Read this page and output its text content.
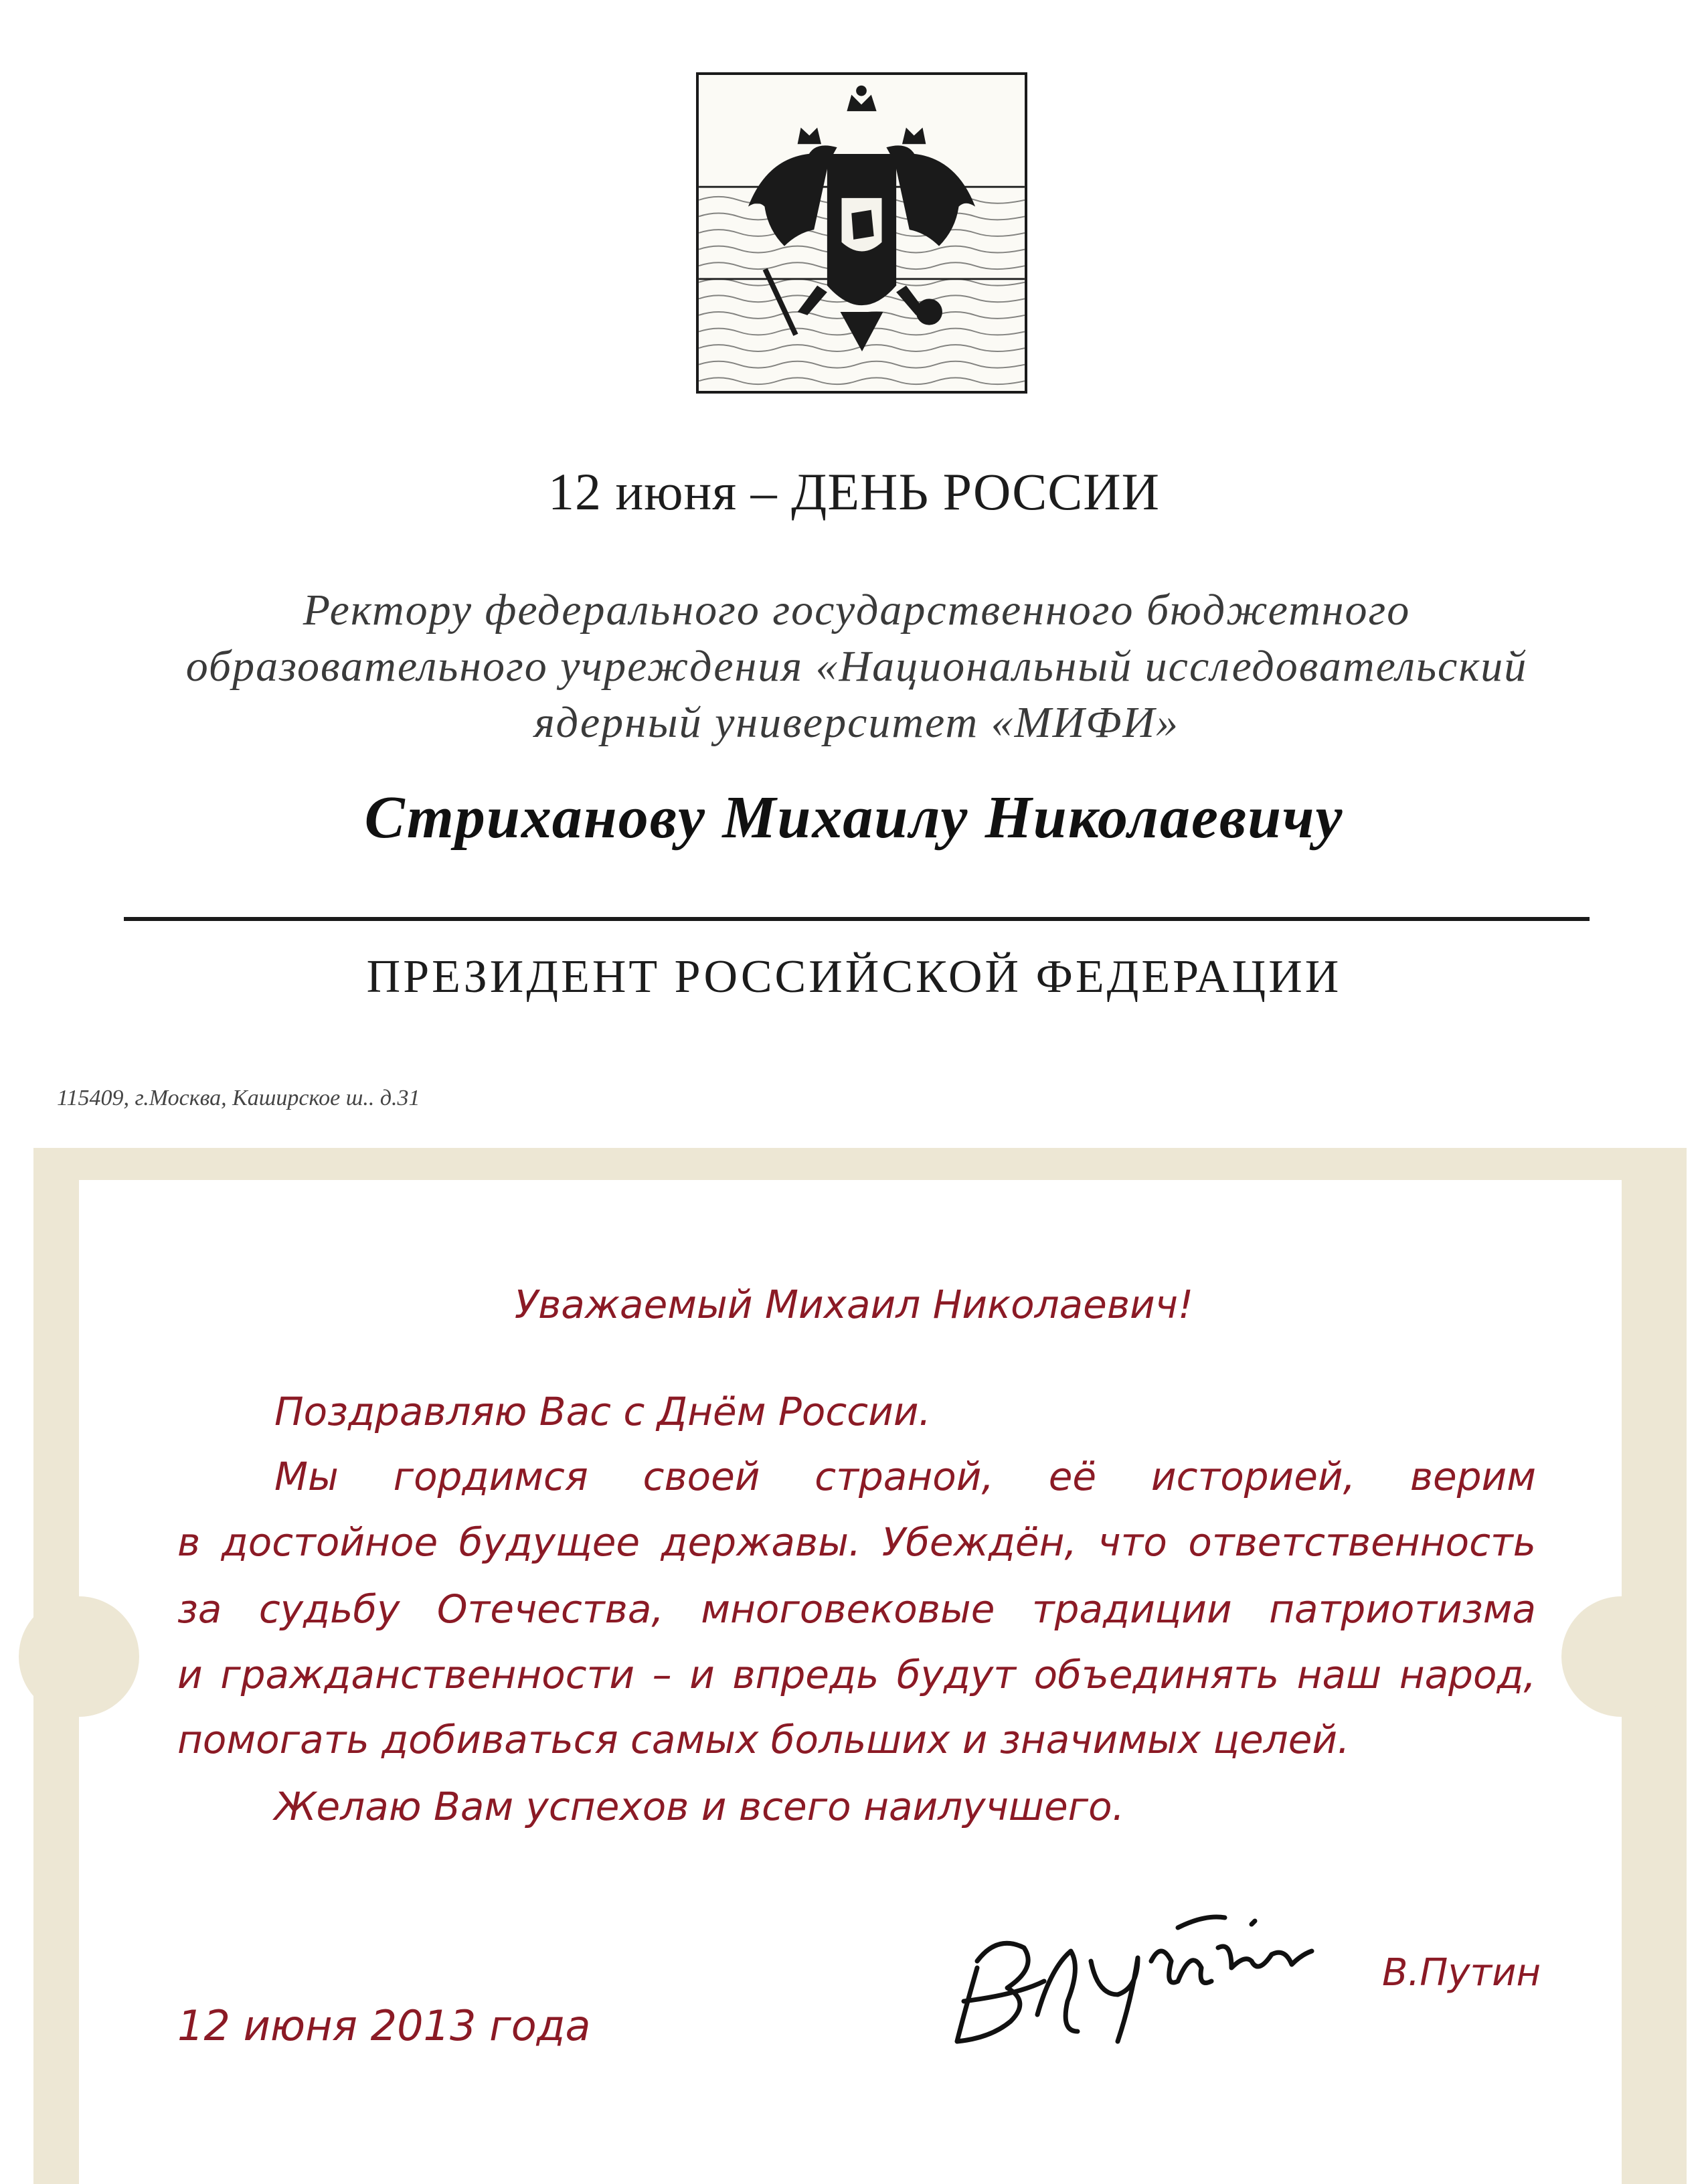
12 июня – ДЕНЬ РОССИИ
Ректору федерального государственного бюджетного
образовательного учреждения «Национальный исследовательский
ядерный университет «МИФИ»
Стриханову Михаилу Николаевичу
ПРЕЗИДЕНТ РОССИЙСКОЙ ФЕДЕРАЦИИ
115409, г.Москва, Каширское ш.. д.31
Уважаемый Михаил Николаевич!
Поздравляю Вас с Днём России.
Мы гордимся своей страной, её историей, верим
в достойное будущее державы. Убеждён, что ответственность
за судьбу Отечества, многовековые традиции патриотизма
и гражданственности – и впредь будут объединять наш народ,
помогать добиваться самых больших и значимых целей.
Желаю Вам успехов и всего наилучшего.
В.Путин
12 июня 2013 года
